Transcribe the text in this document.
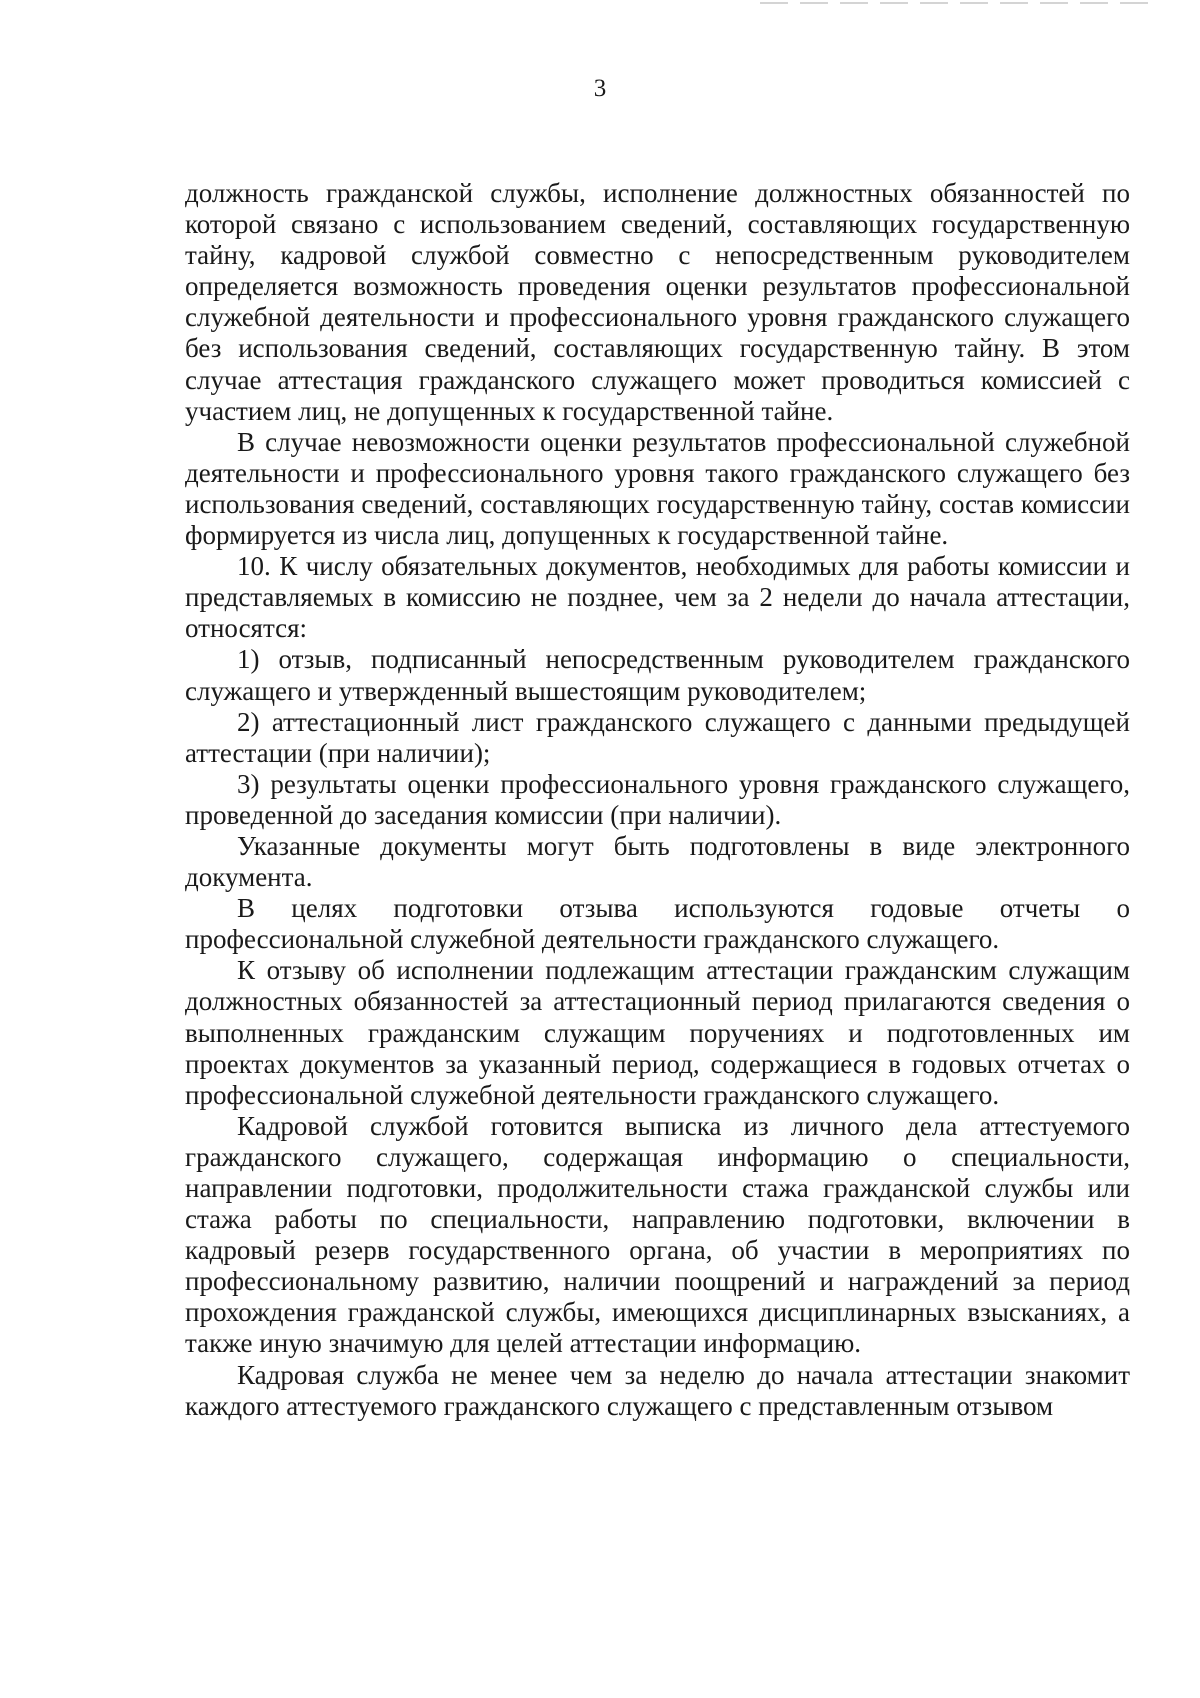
3

должность гражданской службы, исполнение должностных обязанностей по которой связано с использованием сведений, составляющих государственную тайну, кадровой службой совместно с непосредственным руководителем определяется возможность проведения оценки результатов профессиональной служебной деятельности и профессионального уровня гражданского служащего без использования сведений, составляющих государственную тайну. В этом случае аттестация гражданского служащего может проводиться комиссией с участием лиц, не допущенных к государственной тайне.

В случае невозможности оценки результатов профессиональной служебной деятельности и профессионального уровня такого гражданского служащего без использования сведений, составляющих государственную тайну, состав комиссии формируется из числа лиц, допущенных к государственной тайне.

10. К числу обязательных документов, необходимых для работы комиссии и представляемых в комиссию не позднее, чем за 2 недели до начала аттестации, относятся:

1) отзыв, подписанный непосредственным руководителем гражданского служащего и утвержденный вышестоящим руководителем;

2) аттестационный лист гражданского служащего с данными предыдущей аттестации (при наличии);

3) результаты оценки профессионального уровня гражданского служащего, проведенной до заседания комиссии (при наличии).

Указанные документы могут быть подготовлены в виде электронного документа.

В целях подготовки отзыва используются годовые отчеты о профессиональной служебной деятельности гражданского служащего.

К отзыву об исполнении подлежащим аттестации гражданским служащим должностных обязанностей за аттестационный период прилагаются сведения о выполненных гражданским служащим поручениях и подготовленных им проектах документов за указанный период, содержащиеся в годовых отчетах о профессиональной служебной деятельности гражданского служащего.

Кадровой службой готовится выписка из личного дела аттестуемого гражданского служащего, содержащая информацию о специальности, направлении подготовки, продолжительности стажа гражданской службы или стажа работы по специальности, направлению подготовки, включении в кадровый резерв государственного органа, об участии в мероприятиях по профессиональному развитию, наличии поощрений и награждений за период прохождения гражданской службы, имеющихся дисциплинарных взысканиях, а также иную значимую для целей аттестации информацию.

Кадровая служба не менее чем за неделю до начала аттестации знакомит каждого аттестуемого гражданского служащего с представленным отзывом
